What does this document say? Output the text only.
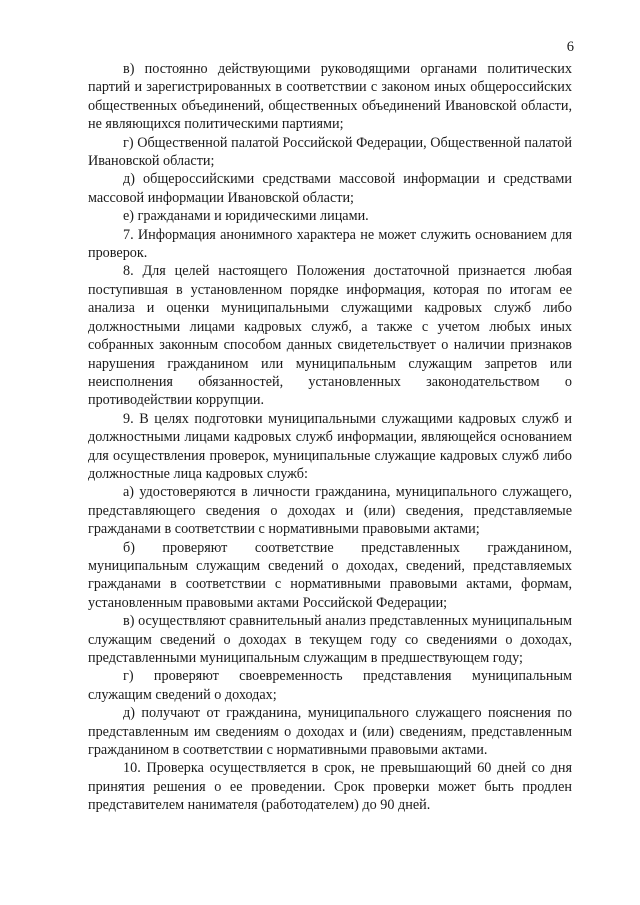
6

в) постоянно действующими руководящими органами политических партий и зарегистрированных в соответствии с законом иных общероссийских общественных объединений, общественных объединений Ивановской области, не являющихся политическими партиями;

г) Общественной палатой Российской Федерации, Общественной палатой Ивановской области;

д) общероссийскими средствами массовой информации и средствами массовой информации Ивановской области;

е) гражданами и юридическими лицами.

7. Информация анонимного характера не может служить основанием для проверок.

8. Для целей настоящего Положения достаточной признается любая поступившая в установленном порядке информация, которая по итогам ее анализа и оценки муниципальными служащими кадровых служб либо должностными лицами кадровых служб, а также с учетом любых иных собранных законным способом данных свидетельствует о наличии признаков нарушения гражданином или муниципальным служащим запретов или неисполнения обязанностей, установленных законодательством о противодействии коррупции.

9. В целях подготовки муниципальными служащими кадровых служб и должностными лицами кадровых служб информации, являющейся основанием для осуществления проверок, муниципальные служащие кадровых служб либо должностные лица кадровых служб:

а) удостоверяются в личности гражданина, муниципального служащего, представляющего сведения о доходах и (или) сведения, представляемые гражданами в соответствии с нормативными правовыми актами;

б) проверяют соответствие представленных гражданином, муниципальным служащим сведений о доходах, сведений, представляемых гражданами в соответствии с нормативными правовыми актами, формам, установленным правовыми актами Российской Федерации;

в) осуществляют сравнительный анализ представленных муниципальным служащим сведений о доходах в текущем году со сведениями о доходах, представленными муниципальным служащим в предшествующем году;

г) проверяют своевременность представления муниципальным служащим сведений о доходах;

д) получают от гражданина, муниципального служащего пояснения по представленным им сведениям о доходах и (или) сведениям, представленным гражданином в соответствии с нормативными правовыми актами.

10. Проверка осуществляется в срок, не превышающий 60 дней со дня принятия решения о ее проведении. Срок проверки может быть продлен представителем нанимателя (работодателем) до 90 дней.
